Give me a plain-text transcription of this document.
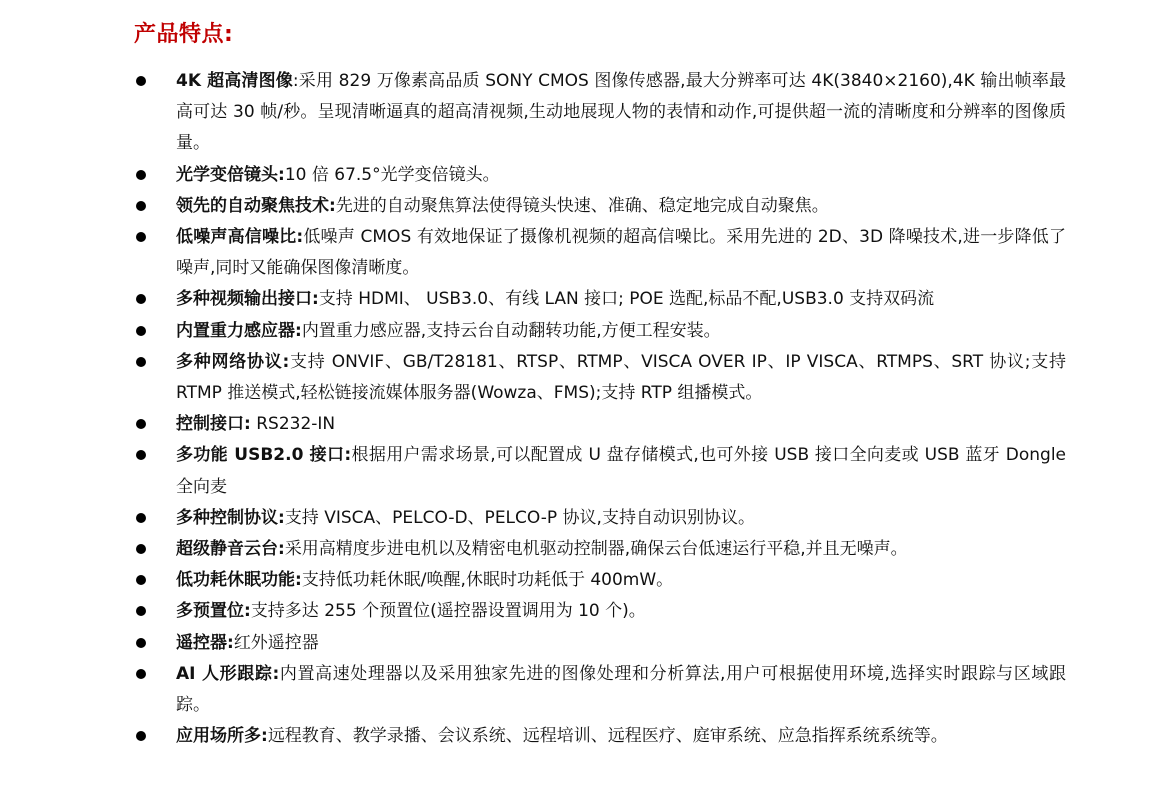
产品特点:
4K 超高清图像:采用 829 万像素高品质 SONY CMOS 图像传感器,最大分辨率可达 4K(3840×2160),4K 输出帧率最高可达 30 帧/秒。呈现清晰逼真的超高清视频,生动地展现人物的表情和动作,可提供超一流的清晰度和分辨率的图像质量。
光学变倍镜头:10 倍 67.5°光学变倍镜头。
领先的自动聚焦技术:先进的自动聚焦算法使得镜头快速、准确、稳定地完成自动聚焦。
低噪声高信噪比:低噪声 CMOS 有效地保证了摄像机视频的超高信噪比。采用先进的 2D、3D 降噪技术,进一步降低了噪声,同时又能确保图像清晰度。
多种视频输出接口:支持 HDMI、 USB3.0、有线 LAN 接口; POE 选配,标品不配,USB3.0 支持双码流
内置重力感应器:内置重力感应器,支持云台自动翻转功能,方便工程安装。
多种网络协议:支持 ONVIF、GB/T28181、RTSP、RTMP、VISCA OVER IP、IP VISCA、RTMPS、SRT 协议;支持 RTMP 推送模式,轻松链接流媒体服务器(Wowza、FMS);支持 RTP 组播模式。
控制接口: RS232-IN
多功能 USB2.0 接口:根据用户需求场景,可以配置成 U 盘存储模式,也可外接 USB 接口全向麦或 USB 蓝牙 Dongle 全向麦
多种控制协议:支持 VISCA、PELCO-D、PELCO-P 协议,支持自动识别协议。
超级静音云台:采用高精度步进电机以及精密电机驱动控制器,确保云台低速运行平稳,并且无噪声。
低功耗休眠功能:支持低功耗休眠/唤醒,休眠时功耗低于 400mW。
多预置位:支持多达 255 个预置位(遥控器设置调用为 10 个)。
遥控器:红外遥控器
AI 人形跟踪:内置高速处理器以及采用独家先进的图像处理和分析算法,用户可根据使用环境,选择实时跟踪与区域跟踪。
应用场所多:远程教育、教学录播、会议系统、远程培训、远程医疗、庭审系统、应急指挥系统系统等。
